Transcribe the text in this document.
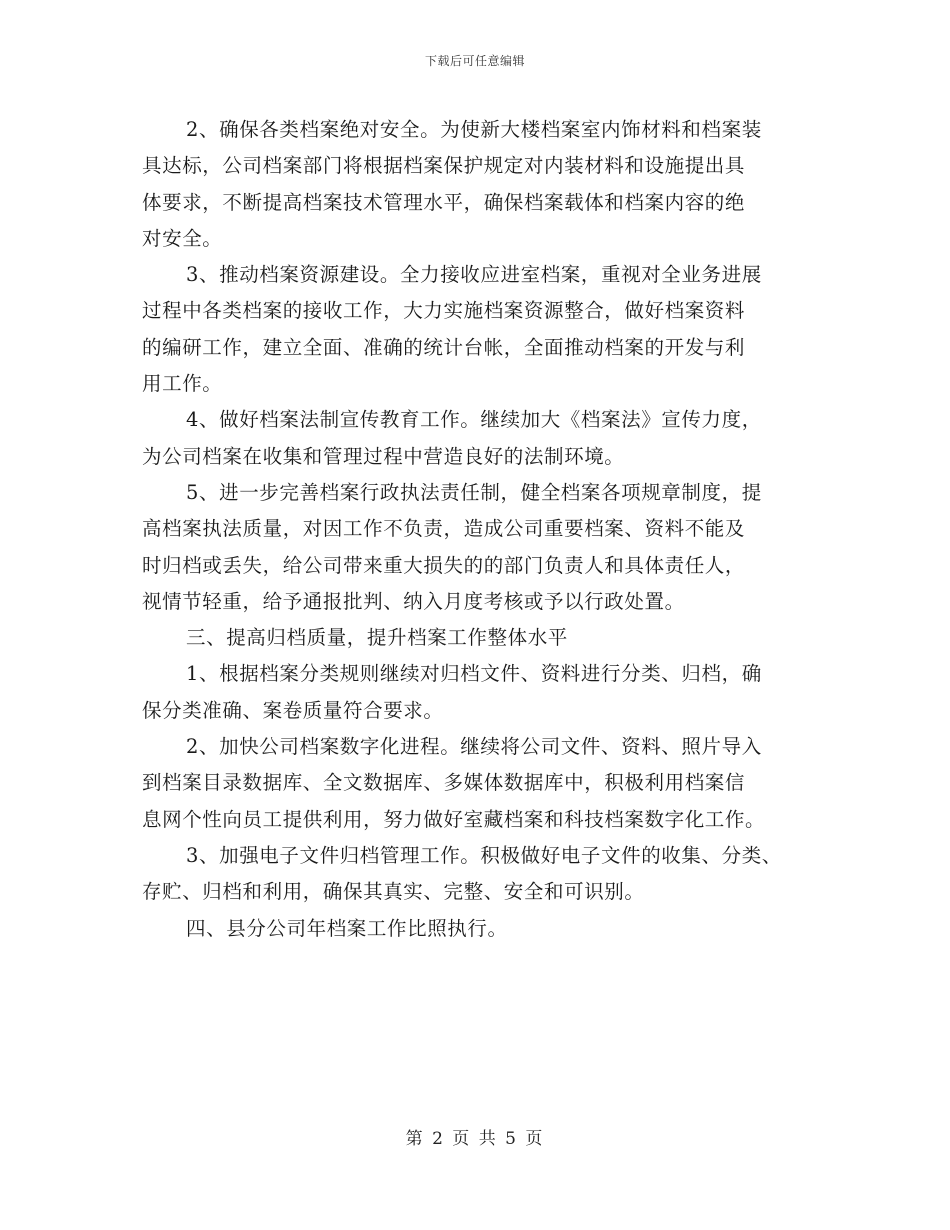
下载后可任意编辑
2、确保各类档案绝对安全。为使新大楼档案室内饰材料和档案装
具达标，公司档案部门将根据档案保护规定对内装材料和设施提出具
体要求，不断提高档案技术管理水平，确保档案载体和档案内容的绝
对安全。
3、推动档案资源建设。全力接收应进室档案，重视对全业务进展
过程中各类档案的接收工作，大力实施档案资源整合，做好档案资料
的编研工作，建立全面、准确的统计台帐，全面推动档案的开发与利
用工作。
4、做好档案法制宣传教育工作。继续加大《档案法》宣传力度，
为公司档案在收集和管理过程中营造良好的法制环境。
5、进一步完善档案行政执法责任制，健全档案各项规章制度，提
高档案执法质量，对因工作不负责，造成公司重要档案、资料不能及
时归档或丢失，给公司带来重大损失的的部门负责人和具体责任人，
视情节轻重，给予通报批判、纳入月度考核或予以行政处置。
三、提高归档质量，提升档案工作整体水平
1、根据档案分类规则继续对归档文件、资料进行分类、归档，确
保分类准确、案卷质量符合要求。
2、加快公司档案数字化进程。继续将公司文件、资料、照片导入
到档案目录数据库、全文数据库、多媒体数据库中，积极利用档案信
息网个性向员工提供利用，努力做好室藏档案和科技档案数字化工作。
3、加强电子文件归档管理工作。积极做好电子文件的收集、分类、
存贮、归档和利用，确保其真实、完整、安全和可识别。
四、县分公司年档案工作比照执行。
第 2 页 共 5 页
